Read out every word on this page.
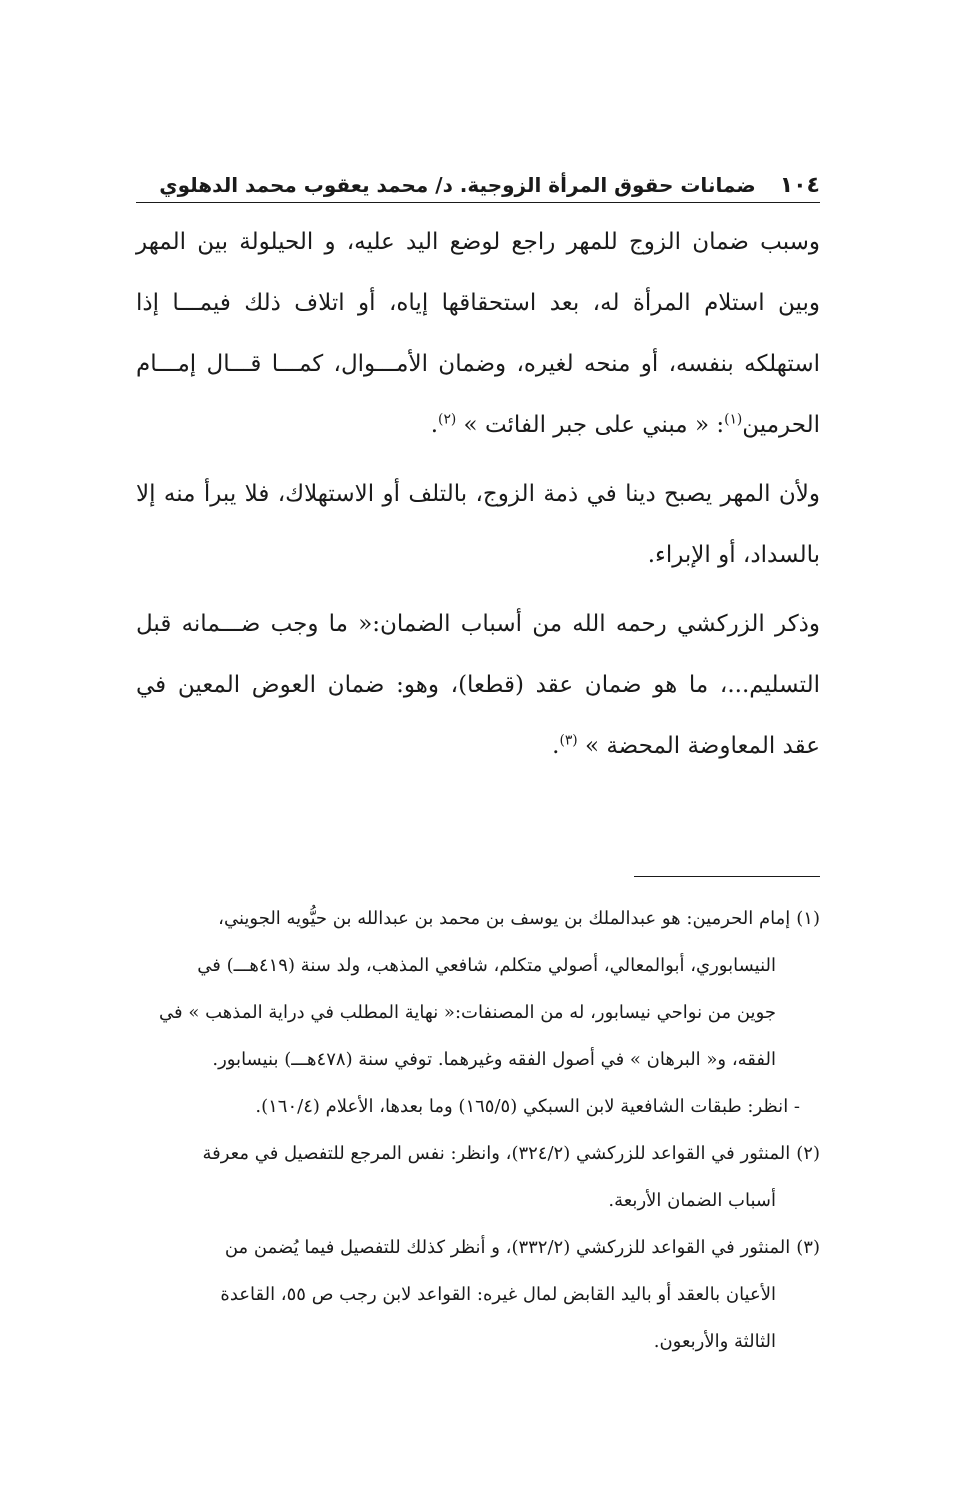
١٠٤ضمانات حقوق المرأة الزوجية. د/ محمد يعقوب محمد الدهلوي

وسبب ضمان الزوج للمهر راجع لوضع اليد عليه، و الحيلولة بين المهر وبين استلام المرأة له، بعد استحقاقها إياه، أو اتلاف ذلك فيمـــا إذا استهلكه بنفسه، أو منحه لغيره، وضمان الأمـــوال، كمـــا قـــال إمـــام الحرمين$^{(١)}$: « مبني على جبر الفائت » $^{(٢)}$.

ولأن المهر يصبح دينا في ذمة الزوج، بالتلف أو الاستهلاك، فلا يبرأ منه إلا بالسداد، أو الإبراء.

وذكر الزركشي رحمه الله من أسباب الضمان:« ما وجب ضـــمانه قبل التسليم...، ما هو ضمان عقد (قطعا)، وهو: ضمان العوض المعين في عقد المعاوضة المحضة » $^{(٣)}$.

(١)إمام الحرمين: هو عبدالملك بن يوسف بن محمد بن عبدالله بن حيُّويه الجويني،
النيسابوري، أبوالمعالي، أصولي متكلم، شافعي المذهب، ولد سنة (٤١٩هـــ) في
جوين من نواحي نيسابور، له من المصنفات:« نهاية المطلب في دراية المذهب » في
الفقه، و« البرهان » في أصول الفقه وغيرهما. توفي سنة (٤٧٨هـــ) بنيسابور.
- انظر: طبقات الشافعية لابن السبكي (١٦٥/٥) وما بعدها، الأعلام (١٦٠/٤).
(٢)المنثور في القواعد للزركشي (٣٢٤/٢)، وانظر: نفس المرجع للتفصيل في معرفة
أسباب الضمان الأربعة.
(٣)المنثور في القواعد للزركشي (٣٣٢/٢)، و أنظر كذلك للتفصيل فيما يُضمن من
الأعيان بالعقد أو باليد القابض لمال غيره: القواعد لابن رجب ص ٥٥، القاعدة
الثالثة والأربعون.
